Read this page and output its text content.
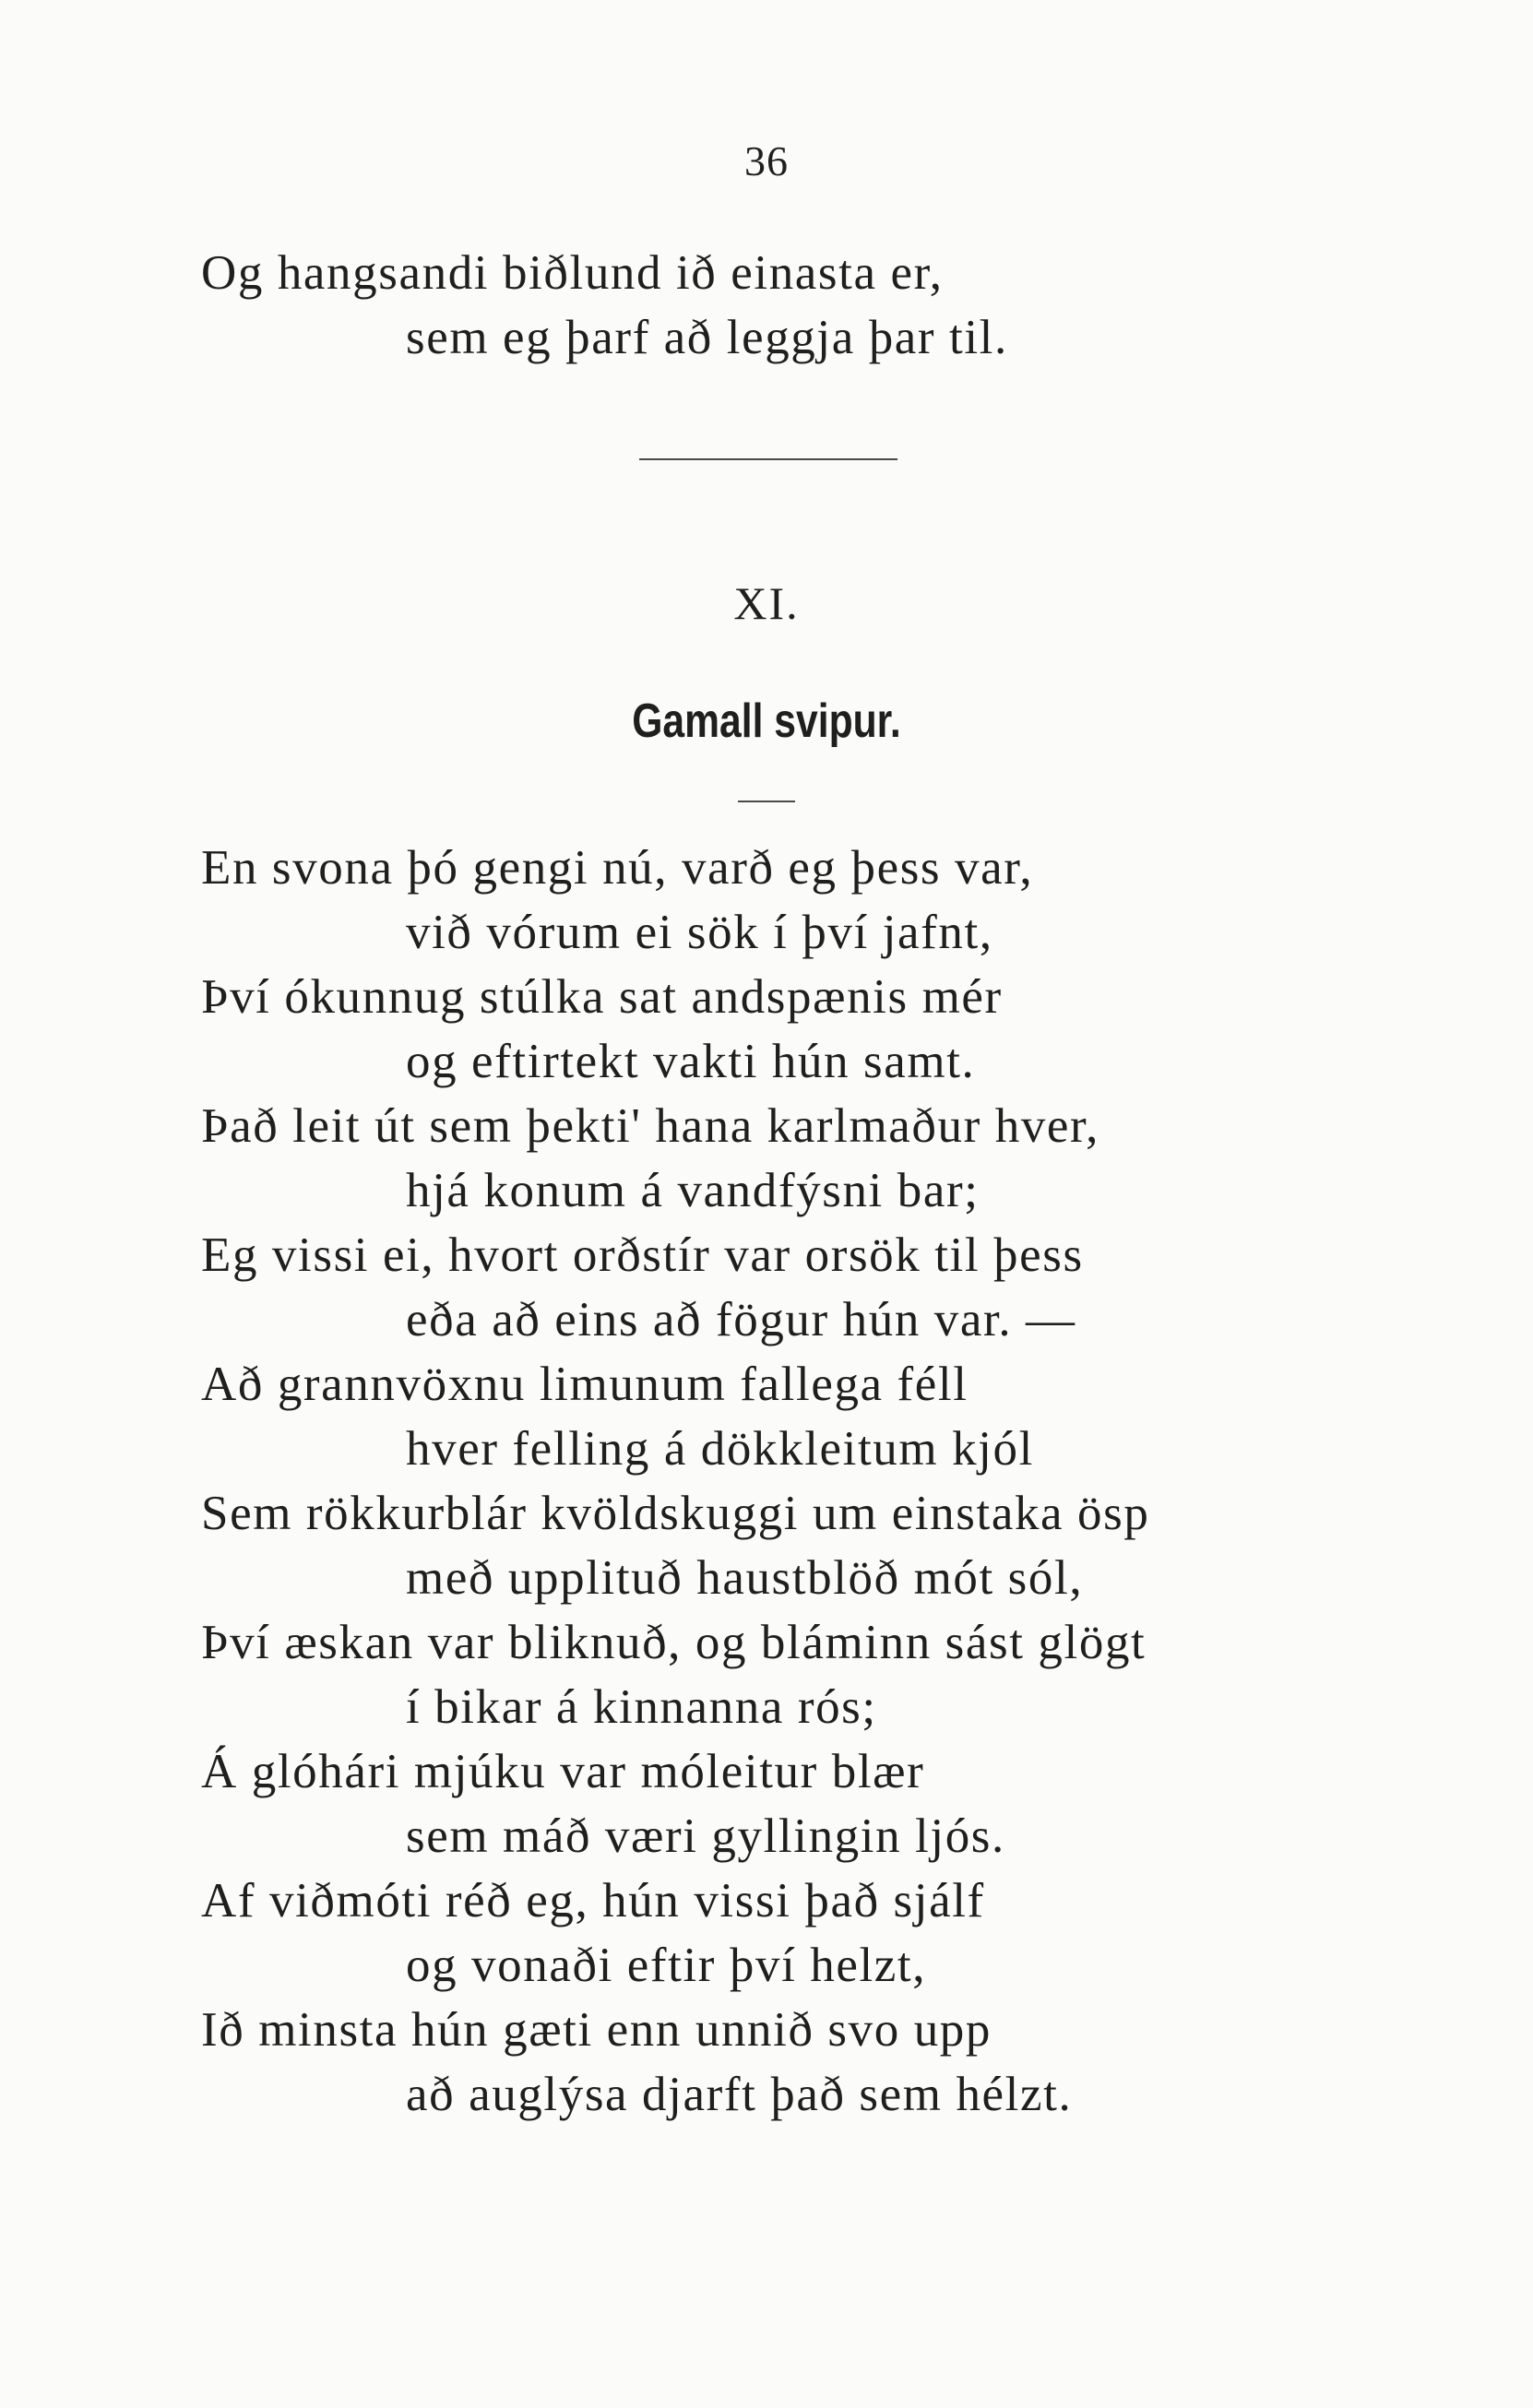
36
Og hangsandi biðlund ið einasta er,
sem eg þarf að leggja þar til.
XI.
Gamall svipur.
En svona þó gengi nú, varð eg þess var,
við vórum ei sök í því jafnt,
Því ókunnug stúlka sat andspænis mér
og eftirtekt vakti hún samt.
Það leit út sem þekti' hana karlmaður hver,
hjá konum á vandfýsni bar;
Eg vissi ei, hvort orðstír var orsök til þess
eða að eins að fögur hún var. —
Að grannvöxnu limunum fallega féll
hver felling á dökkleitum kjól
Sem rökkurblár kvöldskuggi um einstaka ösp
með upplituð haustblöð mót sól,
Því æskan var bliknuð, og bláminn sást glögt
í bikar á kinnanna rós;
Á glóhári mjúku var móleitur blær
sem máð væri gyllingin ljós.
Af viðmóti réð eg, hún vissi það sjálf
og vonaði eftir því helzt,
Ið minsta hún gæti enn unnið svo upp
að auglýsa djarft það sem hélzt.
